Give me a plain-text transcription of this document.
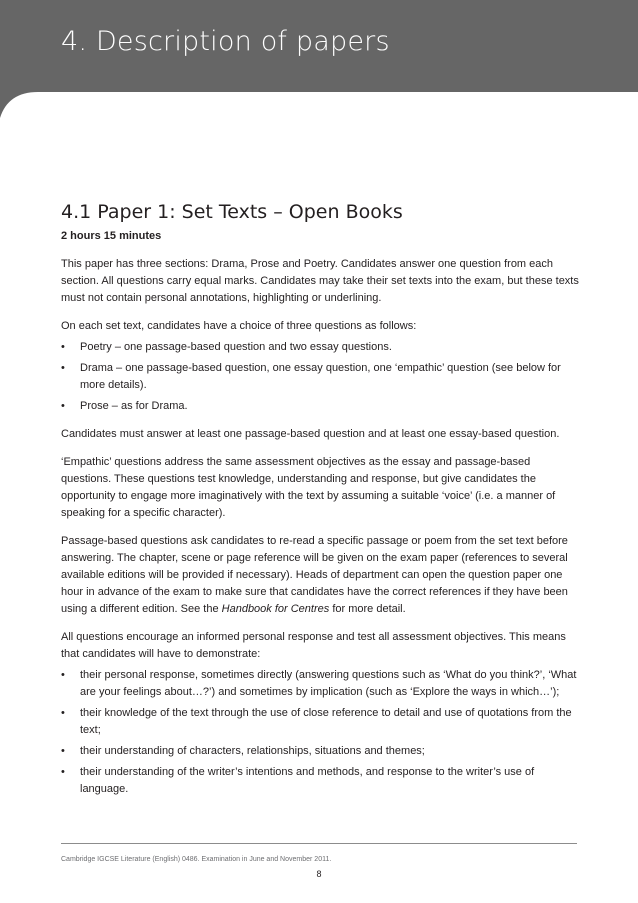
4. Description of papers
4.1 Paper 1: Set Texts – Open Books

2 hours 15 minutes

This paper has three sections: Drama, Prose and Poetry. Candidates answer one question from each section. All questions carry equal marks. Candidates may take their set texts into the exam, but these texts must not contain personal annotations, highlighting or underlining.

On each set text, candidates have a choice of three questions as follows:

• Poetry – one passage-based question and two essay questions.
• Drama – one passage-based question, one essay question, one ‘empathic’ question (see below for more details).
• Prose – as for Drama.

Candidates must answer at least one passage-based question and at least one essay-based question.

‘Empathic’ questions address the same assessment objectives as the essay and passage-based questions. These questions test knowledge, understanding and response, but give candidates the opportunity to engage more imaginatively with the text by assuming a suitable ‘voice’ (i.e. a manner of speaking for a specific character).

Passage-based questions ask candidates to re-read a specific passage or poem from the set text before answering. The chapter, scene or page reference will be given on the exam paper (references to several available editions will be provided if necessary). Heads of department can open the question paper one hour in advance of the exam to make sure that candidates have the correct references if they have been using a different edition. See the Handbook for Centres for more detail.

All questions encourage an informed personal response and test all assessment objectives. This means that candidates will have to demonstrate:

• their personal response, sometimes directly (answering questions such as ‘What do you think?’, ‘What are your feelings about…?’) and sometimes by implication (such as ‘Explore the ways in which…’);
• their knowledge of the text through the use of close reference to detail and use of quotations from the text;
• their understanding of characters, relationships, situations and themes;
• their understanding of the writer’s intentions and methods, and response to the writer’s use of language.

Cambridge IGCSE Literature (English) 0486. Examination in June and November 2011.

8
